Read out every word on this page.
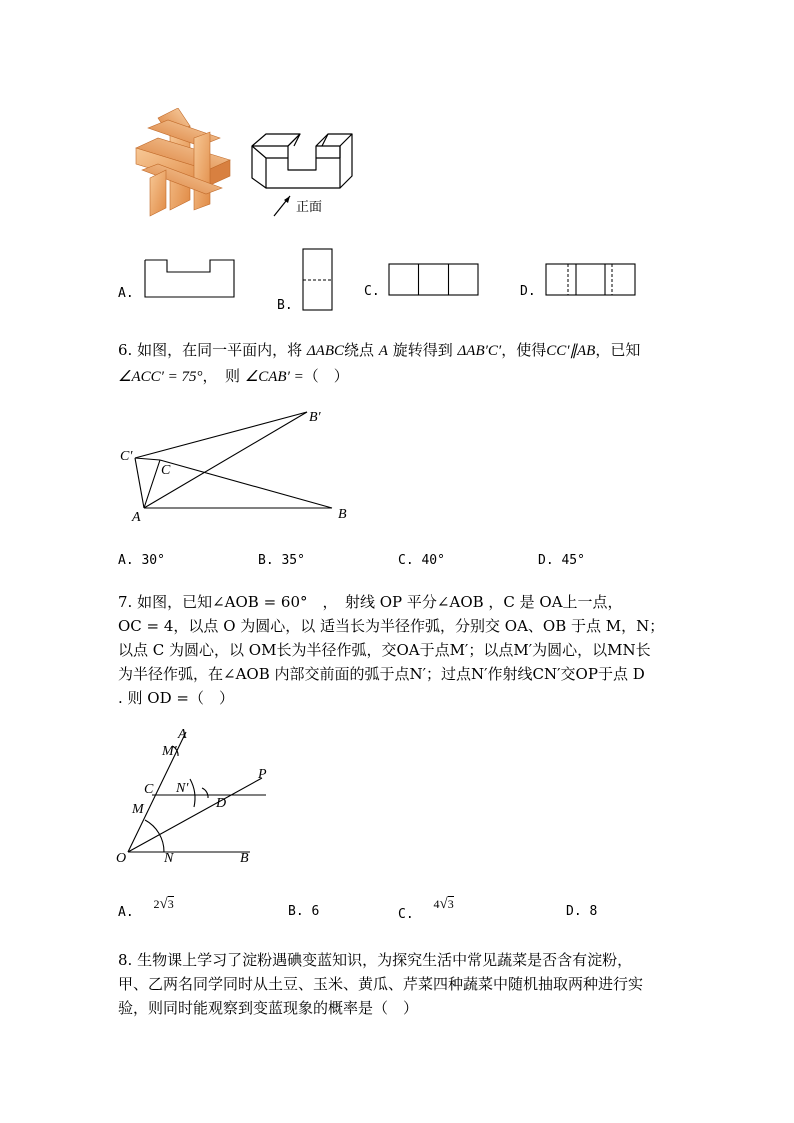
正面
A.
B.
C.	D.
6. 如图，在同一平面内，将 ΔABC绕点 A 旋转得到 ΔAB′C′，使得CC′∥AB，已知
∠ACC′ = 75°，　则 ∠CAB′ =（　）
B′
C′
C
A	B
A. 30°	B. 35°	C. 40°	D. 45°
7. 如图，已知∠AOB = 60°　，　射线 OP 平分∠AOB ，C 是 OA上一点，
OC = 4，以点 O 为圆心，以 适当长为半径作弧，分别交 OA、OB 于点 M，N；
以点 C 为圆心，以 OM长为半径作弧，交OA于点M′；以点M′为圆心，以MN长
为半径作弧，在∠AOB 内部交前面的弧于点N′；过点N′作射线CN′交OP于点 D
. 则 OD =（　）
A
M′
C N′
P
D
M
O	N	B
A. 2√3	B. 6	C. 4√3	D. 8
8. 生物课上学习了淀粉遇碘变蓝知识，为探究生活中常见蔬菜是否含有淀粉，
甲、乙两名同学同时从土豆、玉米、黄瓜、芹菜四种蔬菜中随机抽取两种进行实
验，则同时能观察到变蓝现象的概率是（　）
